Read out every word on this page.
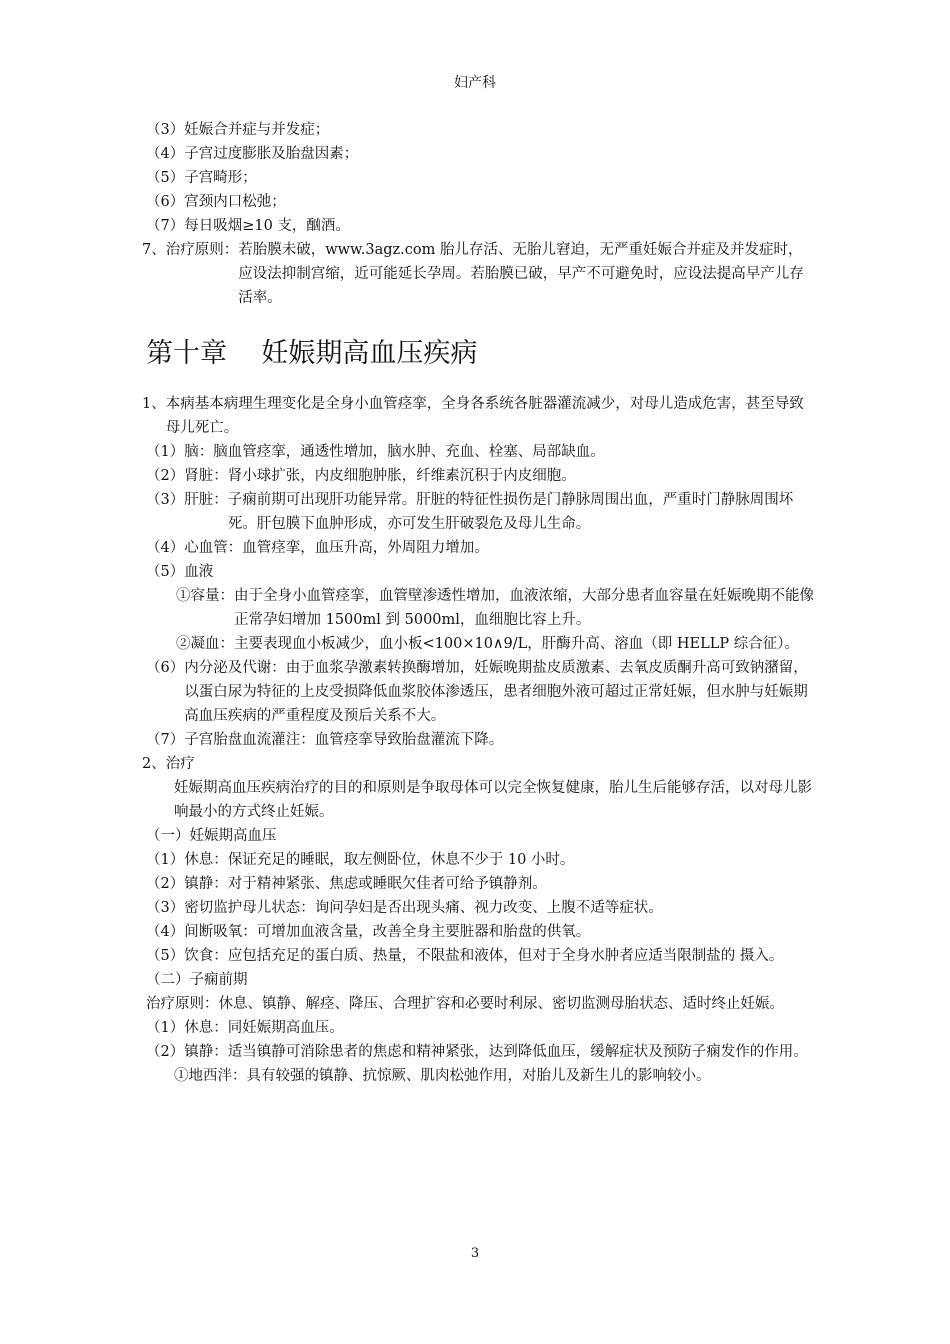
妇产科

（3）妊娠合并症与并发症；

（4）子宫过度膨胀及胎盘因素；

（5）子宫畸形；

（6）宫颈内口松弛；

（7）每日吸烟≥10 支，酗酒。

7、治疗原则： 若胎膜未破，www.3agz.com 胎儿存活、无胎儿窘迫，无严重妊娠合并症及并发症时，应设法抑制宫缩，近可能延长孕周。若胎膜已破，早产不可避免时，应设法提高早产儿存活率。
第十章    妊娠期高血压疾病
1、 本病基本病理生理变化是全身小血管痉挛，全身各系统各脏器灌流减少，对母儿造成危害，甚至导致母儿死亡。
（1）脑： 脑血管痉挛，通透性增加，脑水肿、充血、栓塞、局部缺血。
（2）肾脏： 肾小球扩张，内皮细胞肿胀，纤维素沉积于内皮细胞。
（3）肝脏： 子痫前期可出现肝功能异常。肝脏的特征性损伤是门静脉周围出血，严重时门静脉周围坏死。肝包膜下血肿形成，亦可发生肝破裂危及母儿生命。
（4）心血管： 血管痉挛，血压升高，外周阻力增加。

（5）血液

①容量： 由于全身小血管痉挛，血管壁渗透性增加，血液浓缩，大部分患者血容量在妊娠晚期不能像正常孕妇增加 1500ml 到 5000ml，血细胞比容上升。
②凝血： 主要表现血小板减少，血小板<100×10∧9/L，肝酶升高、溶血（即 HELLP 综合征）。
（6） 内分泌及代谢：由于血浆孕激素转换酶增加，妊娠晚期盐皮质激素、去氧皮质酮升高可致钠潴留，以蛋白尿为特征的上皮受损降低血浆胶体渗透压，患者细胞外液可超过正常妊娠，但水肿与妊娠期高血压疾病的严重程度及预后关系不大。

（7）子宫胎盘血流灌注：血管痉挛导致胎盘灌流下降。

2、治疗

妊娠期高血压疾病治疗的目的和原则是争取母体可以完全恢复健康，胎儿生后能够存活，以对母儿影响最小的方式终止妊娠。

（一）妊娠期高血压

（1）休息： 保证充足的睡眠，取左侧卧位，休息不少于 10 小时。
（2）镇静： 对于精神紧张、焦虑或睡眠欠佳者可给予镇静剂。
（3）密切监护母儿状态： 询问孕妇是否出现头痛、视力改变、上腹不适等症状。
（4）间断吸氧： 可增加血液含量，改善全身主要脏器和胎盘的供氧。
（5）饮食： 应包括充足的蛋白质、热量，不限盐和液体，但对于全身水肿者应适当限制盐的 摄入。

（二）子痫前期

治疗原则： 休息、镇静、解痉、降压、合理扩容和必要时利尿、密切监测母胎状态、适时终止妊娠。
（1）休息： 同妊娠期高血压。
（2）镇静： 适当镇静可消除患者的焦虑和精神紧张，达到降低血压，缓解症状及预防子痫发作的作用。

①地西泮：具有较强的镇静、抗惊厥、肌肉松弛作用，对胎儿及新生儿的影响较小。

3
